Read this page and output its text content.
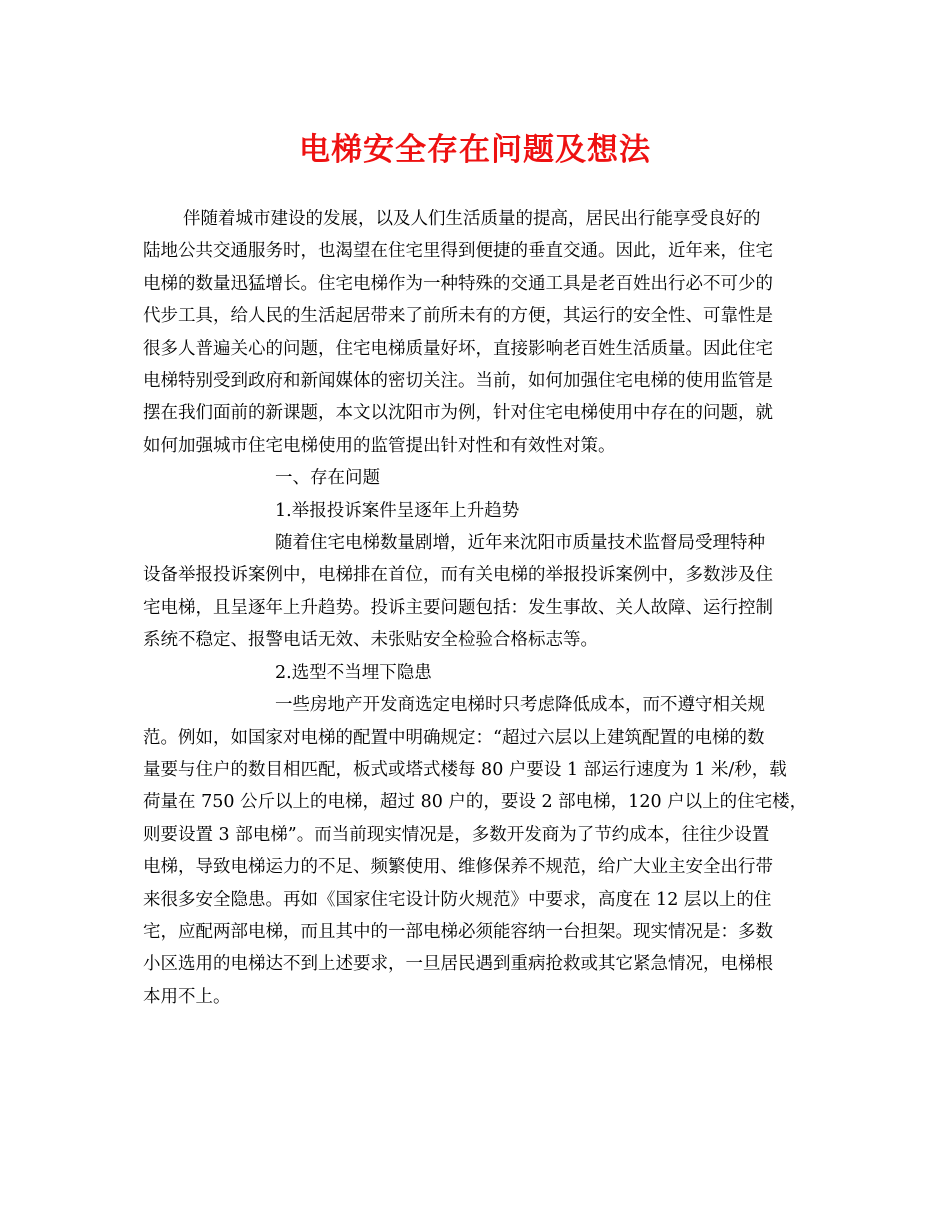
电梯安全存在问题及想法
伴随着城市建设的发展，以及人们生活质量的提高，居民出行能享受良好的
陆地公共交通服务时，也渴望在住宅里得到便捷的垂直交通。因此，近年来，住宅
电梯的数量迅猛增长。住宅电梯作为一种特殊的交通工具是老百姓出行必不可少的
代步工具，给人民的生活起居带来了前所未有的方便，其运行的安全性、可靠性是
很多人普遍关心的问题，住宅电梯质量好坏，直接影响老百姓生活质量。因此住宅
电梯特别受到政府和新闻媒体的密切关注。当前，如何加强住宅电梯的使用监管是
摆在我们面前的新课题，本文以沈阳市为例，针对住宅电梯使用中存在的问题，就
如何加强城市住宅电梯使用的监管提出针对性和有效性对策。
一、存在问题
1.举报投诉案件呈逐年上升趋势
随着住宅电梯数量剧增，近年来沈阳市质量技术监督局受理特种
设备举报投诉案例中，电梯排在首位，而有关电梯的举报投诉案例中，多数涉及住
宅电梯，且呈逐年上升趋势。投诉主要问题包括：发生事故、关人故障、运行控制
系统不稳定、报警电话无效、未张贴安全检验合格标志等。
2.选型不当埋下隐患
一些房地产开发商选定电梯时只考虑降低成本，而不遵守相关规
范。例如，如国家对电梯的配置中明确规定：“超过六层以上建筑配置的电梯的数
量要与住户的数目相匹配，板式或塔式楼每 80 户要设 1 部运行速度为 1 米/秒，载
荷量在 750 公斤以上的电梯，超过 80 户的，要设 2 部电梯，120 户以上的住宅楼，
则要设置 3 部电梯”。而当前现实情况是，多数开发商为了节约成本，往往少设置
电梯，导致电梯运力的不足、频繁使用、维修保养不规范，给广大业主安全出行带
来很多安全隐患。再如《国家住宅设计防火规范》中要求，高度在 12 层以上的住
宅，应配两部电梯，而且其中的一部电梯必须能容纳一台担架。现实情况是：多数
小区选用的电梯达不到上述要求，一旦居民遇到重病抢救或其它紧急情况，电梯根
本用不上。
